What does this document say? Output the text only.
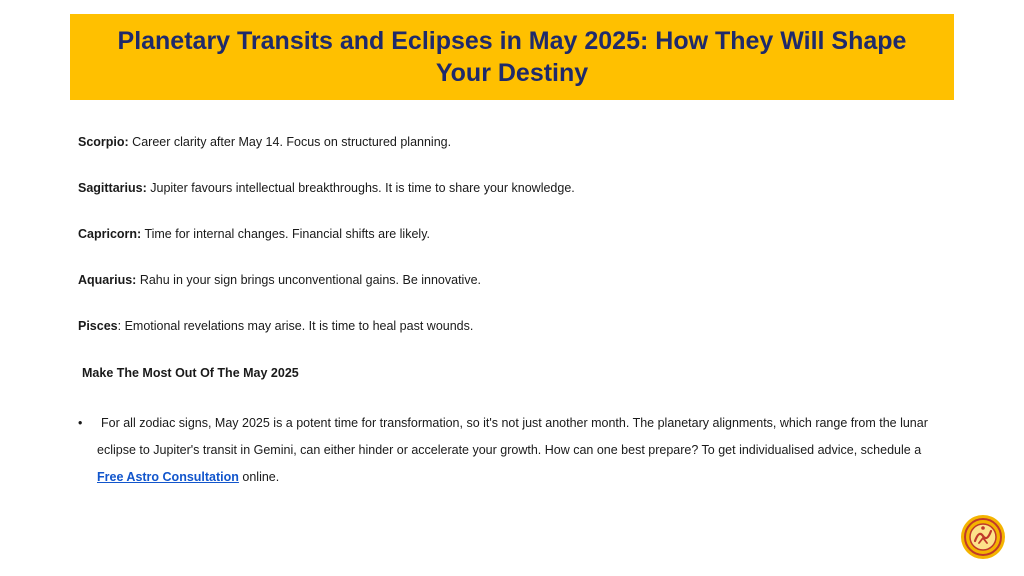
Planetary Transits and Eclipses in May 2025: How They Will Shape Your Destiny
Scorpio: Career clarity after May 14. Focus on structured planning.
Sagittarius: Jupiter favours intellectual breakthroughs. It is time to share your knowledge.
Capricorn: Time for internal changes. Financial shifts are likely.
Aquarius: Rahu in your sign brings unconventional gains. Be innovative.
Pisces: Emotional revelations may arise. It is time to heal past wounds.
Make The Most Out Of The May 2025
•	For all zodiac signs, May 2025 is a potent time for transformation, so it's not just another month. The planetary alignments, which range from the lunar eclipse to Jupiter's transit in Gemini, can either hinder or accelerate your growth. How can one best prepare? To get individualised advice, schedule a Free Astro Consultation online.
